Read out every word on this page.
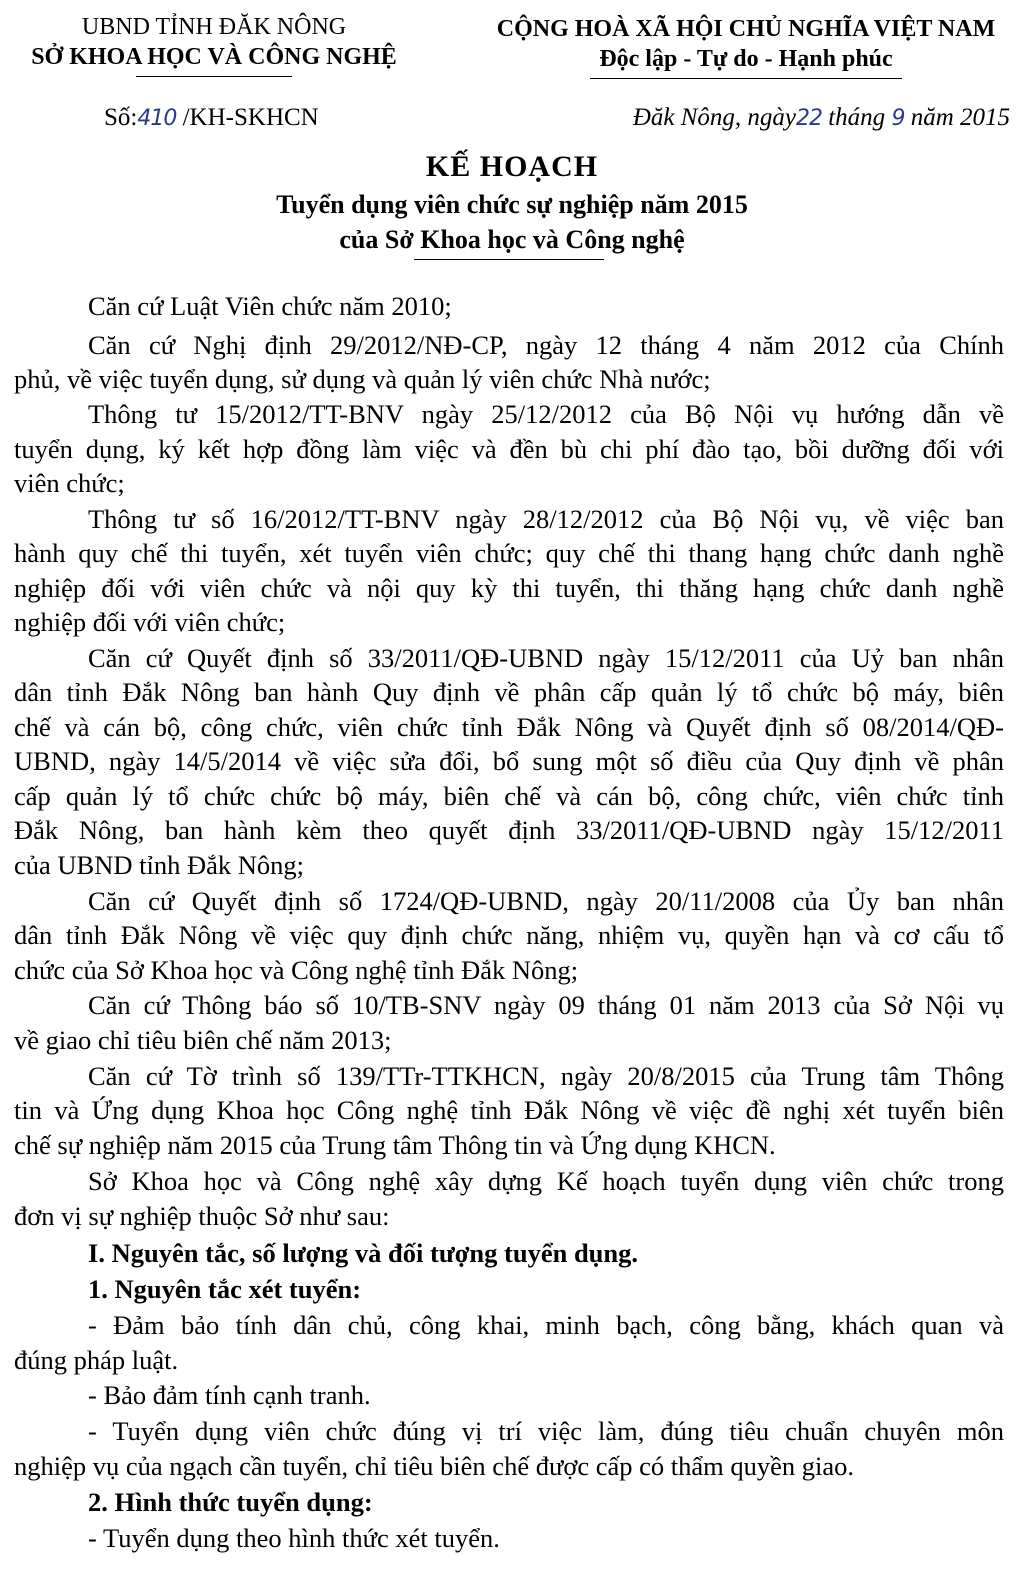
UBND TỈNH ĐĂK NÔNG
SỞ KHOA HỌC VÀ CÔNG NGHỆ
CỘNG HOÀ XÃ HỘI CHỦ NGHĨA VIỆT NAM
Độc lập - Tự do - Hạnh phúc
Số:410 /KH-SKHCN	Đăk Nông, ngày22 tháng 9 năm 2015
KẾ HOẠCH
Tuyển dụng viên chức sự nghiệp năm 2015
của Sở Khoa học và Công nghệ
Căn cứ Luật Viên chức năm 2010;
Căn cứ Nghị định 29/2012/NĐ-CP, ngày 12 tháng 4 năm 2012 của Chính
phủ, về việc tuyển dụng, sử dụng và quản lý viên chức Nhà nước;
Thông tư 15/2012/TT-BNV ngày 25/12/2012 của Bộ Nội vụ hướng dẫn về
tuyển dụng, ký kết hợp đồng làm việc và đền bù chi phí đào tạo, bồi dưỡng đối với
viên chức;
Thông tư số 16/2012/TT-BNV ngày 28/12/2012 của Bộ Nội vụ, về việc ban
hành quy chế thi tuyển, xét tuyển viên chức; quy chế thi thang hạng chức danh nghề
nghiệp đối với viên chức và nội quy kỳ thi tuyển, thi thăng hạng chức danh nghề
nghiệp đối với viên chức;
Căn cứ Quyết định số 33/2011/QĐ-UBND ngày 15/12/2011 của Uỷ ban nhân
dân tỉnh Đắk Nông ban hành Quy định về phân cấp quản lý tổ chức bộ máy, biên
chế và cán bộ, công chức, viên chức tỉnh Đắk Nông và Quyết định số 08/2014/QĐ-
UBND, ngày 14/5/2014 về việc sửa đổi, bổ sung một số điều của Quy định về phân
cấp quản lý tổ chức chức bộ máy, biên chế và cán bộ, công chức, viên chức tỉnh
Đắk Nông, ban hành kèm theo quyết định 33/2011/QĐ-UBND ngày 15/12/2011
của UBND tỉnh Đắk Nông;
Căn cứ Quyết định số 1724/QĐ-UBND, ngày 20/11/2008 của Ủy ban nhân
dân tỉnh Đắk Nông về việc quy định chức năng, nhiệm vụ, quyền hạn và cơ cấu tổ
chức của Sở Khoa học và Công nghệ tỉnh Đắk Nông;
Căn cứ Thông báo số 10/TB-SNV ngày 09 tháng 01 năm 2013 của Sở Nội vụ
về giao chỉ tiêu biên chế năm 2013;
Căn cứ Tờ trình số 139/TTr-TTKHCN, ngày 20/8/2015 của Trung tâm Thông
tin và Ứng dụng Khoa học Công nghệ tỉnh Đắk Nông về việc đề nghị xét tuyển biên
chế sự nghiệp năm 2015 của Trung tâm Thông tin và Ứng dụng KHCN.
Sở Khoa học và Công nghệ xây dựng Kế hoạch tuyển dụng viên chức trong
đơn vị sự nghiệp thuộc Sở như sau:
I. Nguyên tắc, số lượng và đối tượng tuyển dụng.
1. Nguyên tắc xét tuyển:
- Đảm bảo tính dân chủ, công khai, minh bạch, công bằng, khách quan và
đúng pháp luật.
- Bảo đảm tính cạnh tranh.
- Tuyển dụng viên chức đúng vị trí việc làm, đúng tiêu chuẩn chuyên môn
nghiệp vụ của ngạch cần tuyển, chỉ tiêu biên chế được cấp có thẩm quyền giao.
2. Hình thức tuyển dụng:
- Tuyển dụng theo hình thức xét tuyển.
